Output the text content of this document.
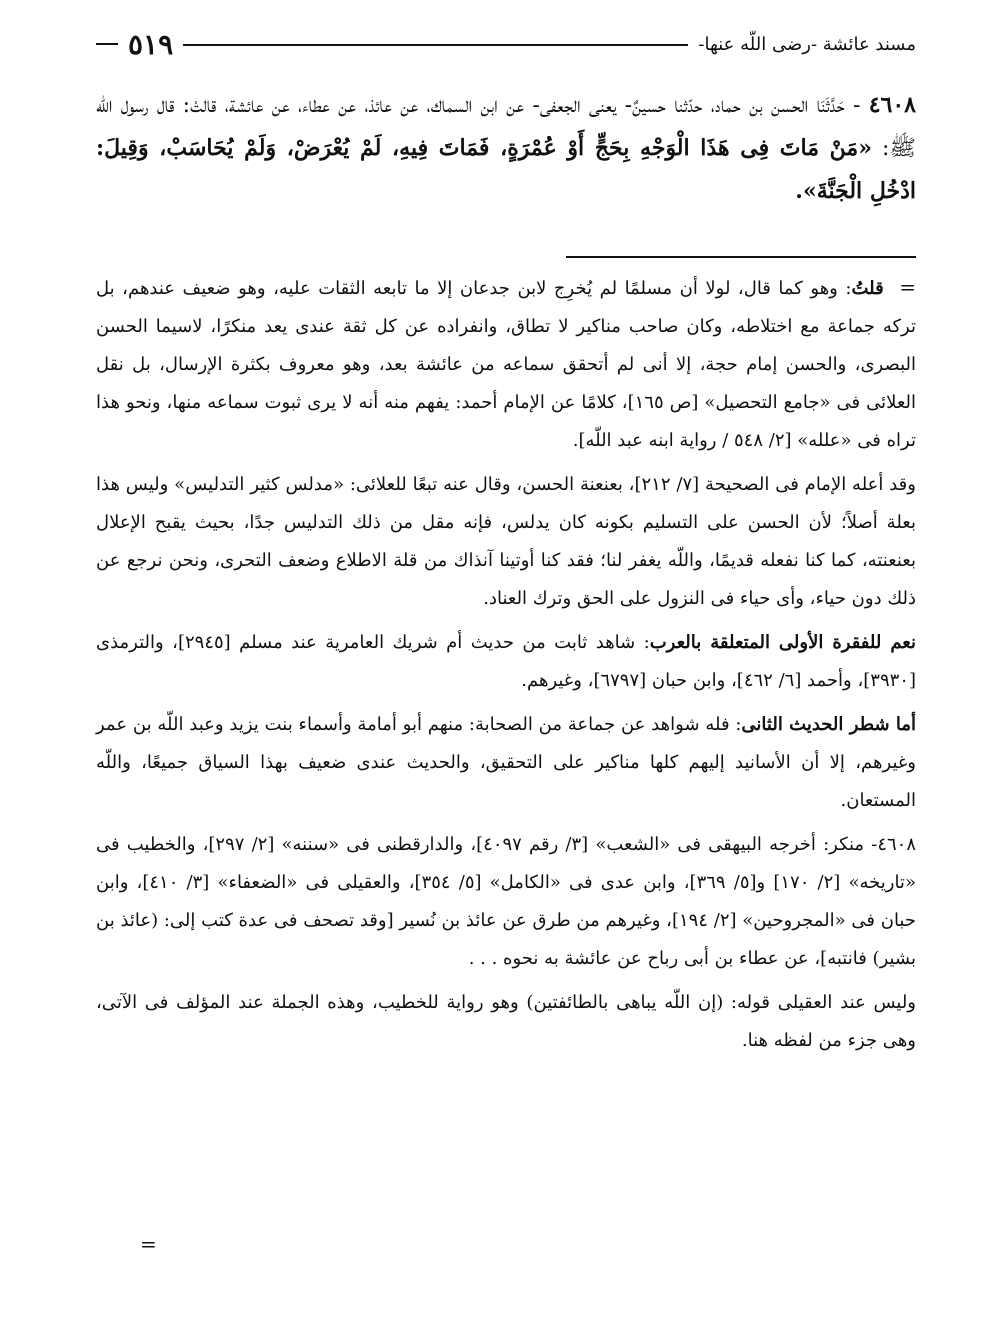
مسند عائشة -رضى اللّه عنها-
٥١٩
٤٦٠٨ - حَدَّثَنَا الحسن بن حماد، حدّثنا حسينٌ- يعنى الجعفى- عن ابن السماك، عن عائذ، عن عطاء، عن عائشة، قالتْ: قال رسول اللّه ﷺ: «مَنْ مَاتَ فِى هَذَا الْوَجْهِ بِحَجٍّ أَوْ عُمْرَةٍ، فَمَاتَ فِيهِ، لَمْ يُعْرَضْ، وَلَمْ يُحَاسَبْ، وَقِيلَ: ادْخُلِ الْجَنَّةَ».

= قلتُ: وهو كما قال، لولا أن مسلمًا لم يُخرِج لابن جدعان إلا ما تابعه الثقات عليه، وهو ضعيف عندهم، بل تركه جماعة مع اختلاطه، وكان صاحب مناكير لا تطاق، وانفراده عن كل ثقة عندى يعد منكرًا، لاسيما الحسن البصرى، والحسن إمام حجة، إلا أنى لم أتحقق سماعه من عائشة بعد، وهو معروف بكثرة الإرسال، بل نقل العلائى فى «جامع التحصيل» [ص ١٦٥]، كلامًا عن الإمام أحمد: يفهم منه أنه لا يرى ثبوت سماعه منها، ونحو هذا تراه فى «علله» [٢/ ٥٤٨ / رواية ابنه عبد اللّه].

وقد أعله الإمام فى الصحيحة [٧/ ٢١٢]، بعنعنة الحسن، وقال عنه تبعًا للعلائى: «مدلس كثير التدليس» وليس هذا بعلة أصلاً؛ لأن الحسن على التسليم بكونه كان يدلس، فإنه مقل من ذلك التدليس جدًا، بحيث يقبح الإعلال بعنعنته، كما كنا نفعله قديمًا، واللّه يغفر لنا؛ فقد كنا أوتينا آنذاك من قلة الاطلاع وضعف التحرى، ونحن نرجع عن ذلك دون حياء، وأى حياء فى النزول على الحق وترك العناد.

نعم للفقرة الأولى المتعلقة بالعرب: شاهد ثابت من حديث أم شريك العامرية عند مسلم [٢٩٤٥]، والترمذى [٣٩٣٠]، وأحمد [٦/ ٤٦٢]، وابن حبان [٦٧٩٧]، وغيرهم.

أما شطر الحديث الثانى: فله شواهد عن جماعة من الصحابة: منهم أبو أمامة وأسماء بنت يزيد وعبد اللّه بن عمر وغيرهم، إلا أن الأسانيد إليهم كلها مناكير على التحقيق، والحديث عندى ضعيف بهذا السياق جميعًا، واللّه المستعان.

٤٦٠٨- منكر: أخرجه البيهقى فى «الشعب» [٣/ رقم ٤٠٩٧]، والدارقطنى فى «سننه» [٢/ ٢٩٧]، والخطيب فى «تاريخه» [٢/ ١٧٠] و[٥/ ٣٦٩]، وابن عدى فى «الكامل» [٥/ ٣٥٤]، والعقيلى فى «الضعفاء» [٣/ ٤١٠]، وابن حبان فى «المجروحين» [٢/ ١٩٤]، وغيرهم من طرق عن عائذ بن نُسير [وقد تصحف فى عدة كتب إلى: (عائذ بن بشير) فانتبه]، عن عطاء بن أبى رباح عن عائشة به نحوه . . .

وليس عند العقيلى قوله: (إن اللّه يباهى بالطائفتين) وهو رواية للخطيب، وهذه الجملة عند المؤلف فى الآتى، وهى جزء من لفظه هنا.

=
